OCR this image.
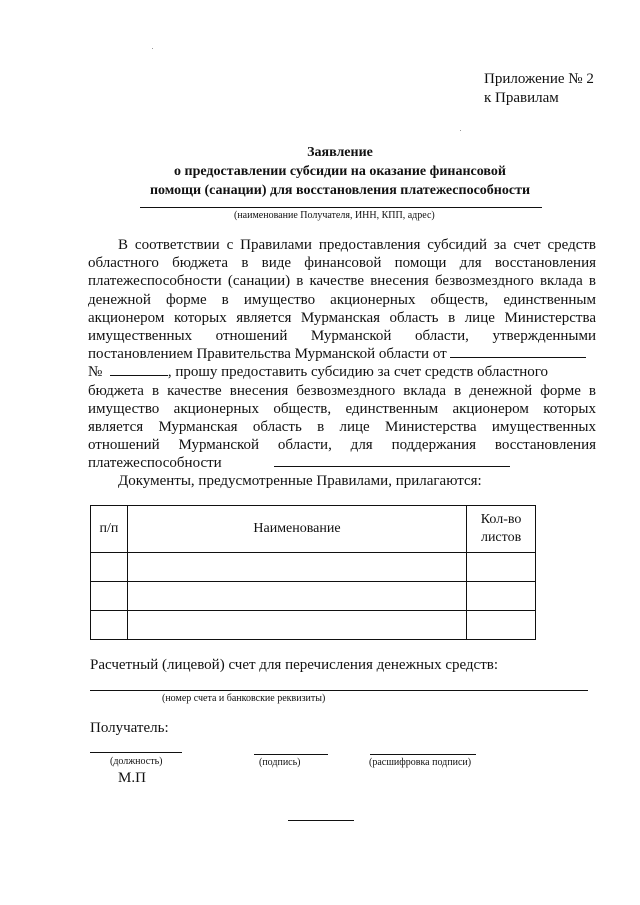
Приложение № 2
к Правилам
Заявление
о предоставлении субсидии на оказание финансовой
помощи (санации) для восстановления платежеспособности
(наименование Получателя, ИНН, КПП, адрес)
В соответствии с Правилами предоставления субсидий за счет средств
областного бюджета в виде финансовой помощи для восстановления
платежеспособности (санации) в качестве внесения безвозмездного вклада в
денежной форме в имущество акционерных обществ, единственным
акционером которых является Мурманская область в лице Министерства
имущественных отношений Мурманской области, утвержденными
постановлением Правительства Мурманской области от
№	, прошу предоставить субсидию за счет средств областного
бюджета в качестве внесения безвозмездного вклада в денежной форме в
имущество акционерных обществ, единственным акционером которых
является Мурманская область в лице Министерства имущественных
отношений Мурманской области, для поддержания восстановления
платежеспособности
Документы, предусмотренные Правилами, прилагаются:
п/п	Наименование	Кол-во
листов

Расчетный (лицевой) счет для перечисления денежных средств:
(номер счета и банковские реквизиты)
Получатель:
(должность)	(подпись)	(расшифровка подписи)
М.П
